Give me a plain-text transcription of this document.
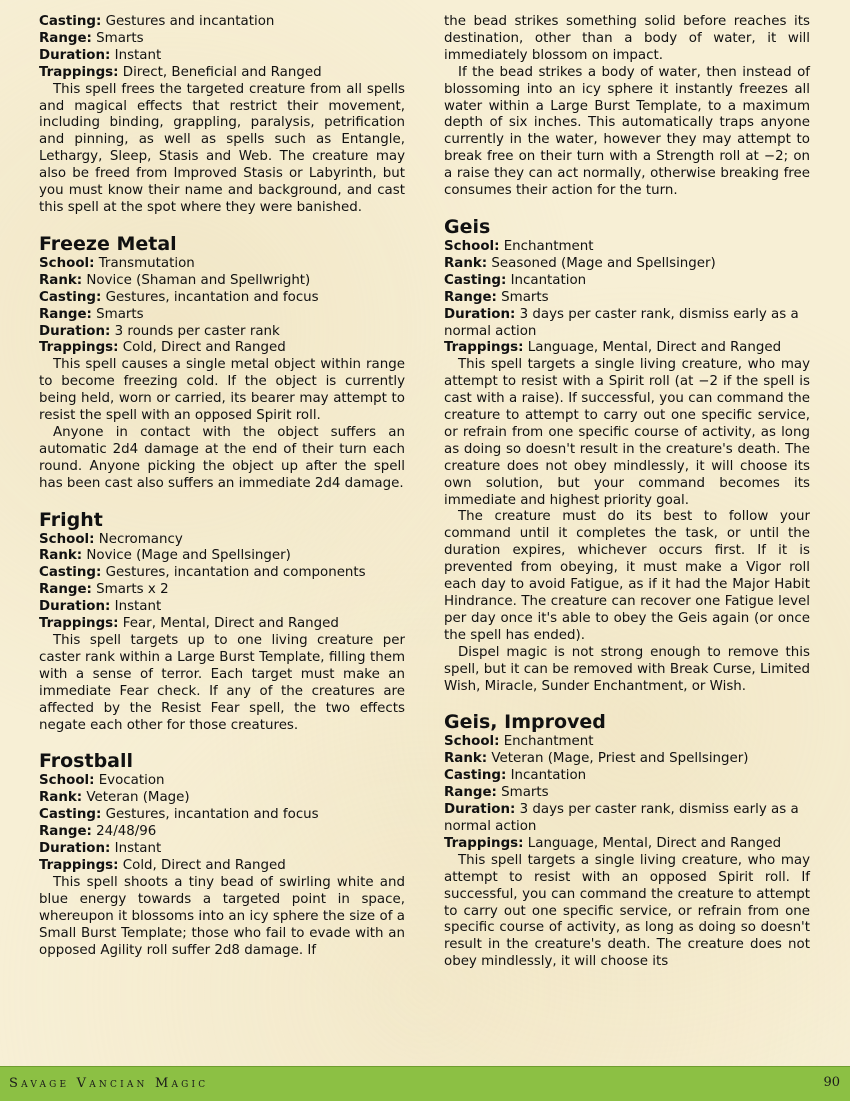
Casting: Gestures and incantation
Range: Smarts
Duration: Instant
Trappings: Direct, Beneficial and Ranged

This spell frees the targeted creature from all spells and magical effects that restrict their movement, including binding, grappling, paralysis, petrification and pinning, as well as spells such as Entangle, Lethargy, Sleep, Stasis and Web. The creature may also be freed from Improved Stasis or Labyrinth, but you must know their name and background, and cast this spell at the spot where they were banished.

Freeze Metal
School: Transmutation
Rank: Novice (Shaman and Spellwright)
Casting: Gestures, incantation and focus
Range: Smarts
Duration: 3 rounds per caster rank
Trappings: Cold, Direct and Ranged

This spell causes a single metal object within range to become freezing cold. If the object is currently being held, worn or carried, its bearer may attempt to resist the spell with an opposed Spirit roll.

Anyone in contact with the object suffers an automatic 2d4 damage at the end of their turn each round. Anyone picking the object up after the spell has been cast also suffers an immediate 2d4 damage.

Fright
School: Necromancy
Rank: Novice (Mage and Spellsinger)
Casting: Gestures, incantation and components
Range: Smarts x 2
Duration: Instant
Trappings: Fear, Mental, Direct and Ranged

This spell targets up to one living creature per caster rank within a Large Burst Template, filling them with a sense of terror. Each target must make an immediate Fear check. If any of the creatures are affected by the Resist Fear spell, the two effects negate each other for those creatures.

Frostball
School: Evocation
Rank: Veteran (Mage)
Casting: Gestures, incantation and focus
Range: 24/48/96
Duration: Instant
Trappings: Cold, Direct and Ranged

This spell shoots a tiny bead of swirling white and blue energy towards a targeted point in space, whereupon it blossoms into an icy sphere the size of a Small Burst Template; those who fail to evade with an opposed Agility roll suffer 2d8 damage. If

the bead strikes something solid before reaches its destination, other than a body of water, it will immediately blossom on impact.

If the bead strikes a body of water, then instead of blossoming into an icy sphere it instantly freezes all water within a Large Burst Template, to a maximum depth of six inches. This automatically traps anyone currently in the water, however they may attempt to break free on their turn with a Strength roll at −2; on a raise they can act normally, otherwise breaking free consumes their action for the turn.

Geis
School: Enchantment
Rank: Seasoned (Mage and Spellsinger)
Casting: Incantation
Range: Smarts
Duration: 3 days per caster rank, dismiss early as a normal action
Trappings: Language, Mental, Direct and Ranged

This spell targets a single living creature, who may attempt to resist with a Spirit roll (at −2 if the spell is cast with a raise). If successful, you can command the creature to attempt to carry out one specific service, or refrain from one specific course of activity, as long as doing so doesn't result in the creature's death. The creature does not obey mindlessly, it will choose its own solution, but your command becomes its immediate and highest priority goal.

The creature must do its best to follow your command until it completes the task, or until the duration expires, whichever occurs first. If it is prevented from obeying, it must make a Vigor roll each day to avoid Fatigue, as if it had the Major Habit Hindrance. The creature can recover one Fatigue level per day once it's able to obey the Geis again (or once the spell has ended).

Dispel magic is not strong enough to remove this spell, but it can be removed with Break Curse, Limited Wish, Miracle, Sunder Enchantment, or Wish.

Geis, Improved
School: Enchantment
Rank: Veteran (Mage, Priest and Spellsinger)
Casting: Incantation
Range: Smarts
Duration: 3 days per caster rank, dismiss early as a normal action
Trappings: Language, Mental, Direct and Ranged

This spell targets a single living creature, who may attempt to resist with an opposed Spirit roll. If successful, you can command the creature to attempt to carry out one specific service, or refrain from one specific course of activity, as long as doing so doesn't result in the creature's death. The creature does not obey mindlessly, it will choose its

Savage Vancian Magic	90
